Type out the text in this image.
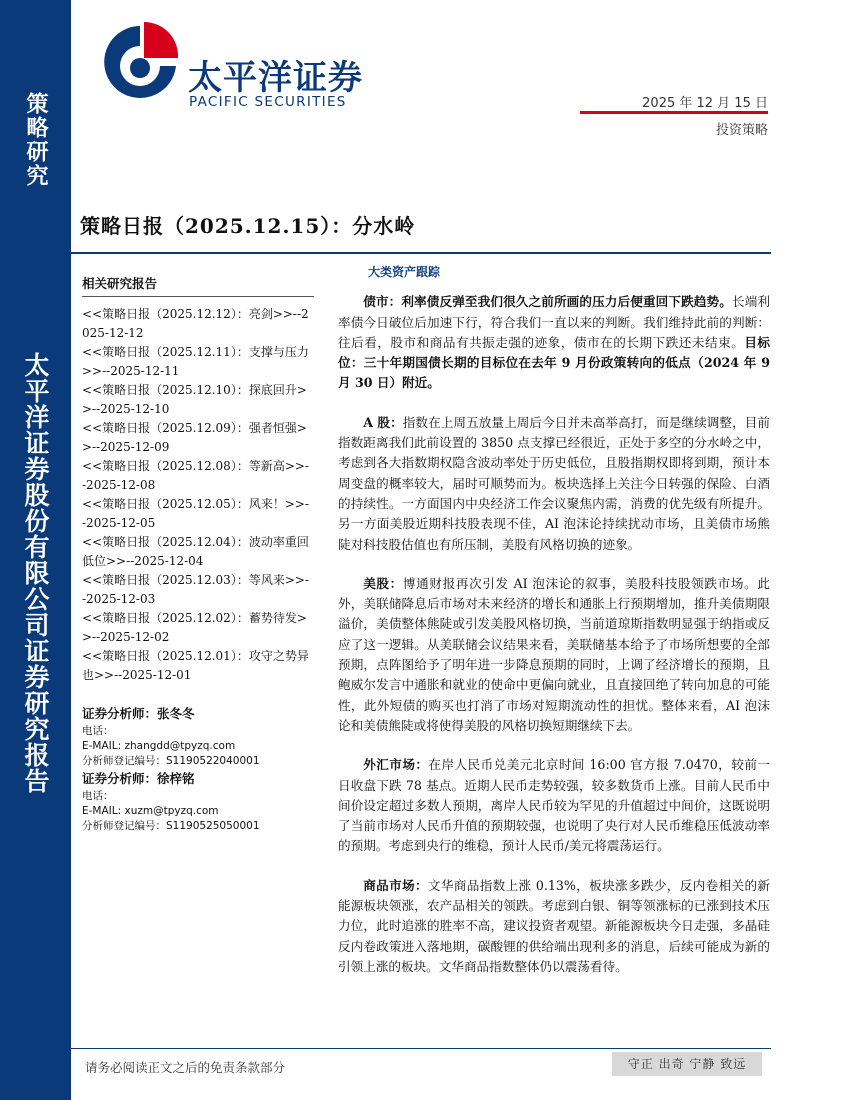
策略研究
太平洋证券股份有限公司证券研究报告
太平洋证券
PACIFIC SECURITIES	2025 年 12 月 15 日
投资策略
策略日报（2025.12.15）：分水岭
相关研究报告
<<策略日报（2025.12.12）：亮剑>>--2025-12-12
<<策略日报（2025.12.11）：支撑与压力>>--2025-12-11
<<策略日报（2025.12.10）：探底回升>>--2025-12-10
<<策略日报（2025.12.09）：强者恒强>>--2025-12-09
<<策略日报（2025.12.08）：等新高>>--2025-12-08
<<策略日报（2025.12.05）：风来！>>--2025-12-05
<<策略日报（2025.12.04）：波动率重回低位>>--2025-12-04
<<策略日报（2025.12.03）：等风来>>--2025-12-03
<<策略日报（2025.12.02）：蓄势待发>>--2025-12-02
<<策略日报（2025.12.01）：攻守之势异也>>--2025-12-01
证券分析师：张冬冬
电话：
E-MAIL: zhangdd@tpyzq.com
分析师登记编号：S1190522040001
证券分析师：徐梓铭
电话：
E-MAIL: xuzm@tpyzq.com
分析师登记编号：S1190525050001
大类资产跟踪

债市：利率债反弹至我们很久之前所画的压力后便重回下跌趋势。长端利率债今日破位后加速下行，符合我们一直以来的判断。我们维持此前的判断：往后看，股市和商品有共振走强的迹象，债市在的长期下跌还未结束。目标位：三十年期国债长期的目标位在去年 9 月份政策转向的低点（2024 年 9 月 30 日）附近。

A 股：指数在上周五放量上周后今日并未高举高打，而是继续调整，目前指数距离我们此前设置的 3850 点支撑已经很近，正处于多空的分水岭之中，考虑到各大指数期权隐含波动率处于历史低位，且股指期权即将到期，预计本周变盘的概率较大，届时可顺势而为。板块选择上关注今日转强的保险、白酒的持续性。一方面国内中央经济工作会议聚焦内需，消费的优先级有所提升。另一方面美股近期科技股表现不佳，AI 泡沫论持续扰动市场，且美债市场熊陡对科技股估值也有所压制，美股有风格切换的迹象。

美股：博通财报再次引发 AI 泡沫论的叙事，美股科技股领跌市场。此外，美联储降息后市场对未来经济的增长和通胀上行预期增加，推升美债期限溢价，美债整体熊陡或引发美股风格切换，当前道琼斯指数明显强于纳指或反应了这一逻辑。从美联储会议结果来看，美联储基本给予了市场所想要的全部预期，点阵图给予了明年进一步降息预期的同时，上调了经济增长的预期，且鲍威尔发言中通胀和就业的使命中更偏向就业，且直接回绝了转向加息的可能性，此外短债的购买也打消了市场对短期流动性的担忧。整体来看，AI 泡沫论和美债熊陡或将使得美股的风格切换短期继续下去。

外汇市场：在岸人民币兑美元北京时间 16:00 官方报 7.0470，较前一日收盘下跌 78 基点。近期人民币走势较强，较多数货币上涨。目前人民币中间价设定超过多数人预期，离岸人民币较为罕见的升值超过中间价，这既说明了当前市场对人民币升值的预期较强，也说明了央行对人民币维稳压低波动率的预期。考虑到央行的维稳，预计人民币/美元将震荡运行。

商品市场：文华商品指数上涨 0.13%，板块涨多跌少，反内卷相关的新能源板块领涨，农产品相关的领跌。考虑到白银、铜等领涨标的已涨到技术压力位，此时追涨的胜率不高，建议投资者观望。新能源板块今日走强，多晶硅反内卷政策进入落地期，碳酸锂的供给端出现利多的消息，后续可能成为新的引领上涨的板块。文华商品指数整体仍以震荡看待。

请务必阅读正文之后的免责条款部分	守正 出奇 宁静 致远
